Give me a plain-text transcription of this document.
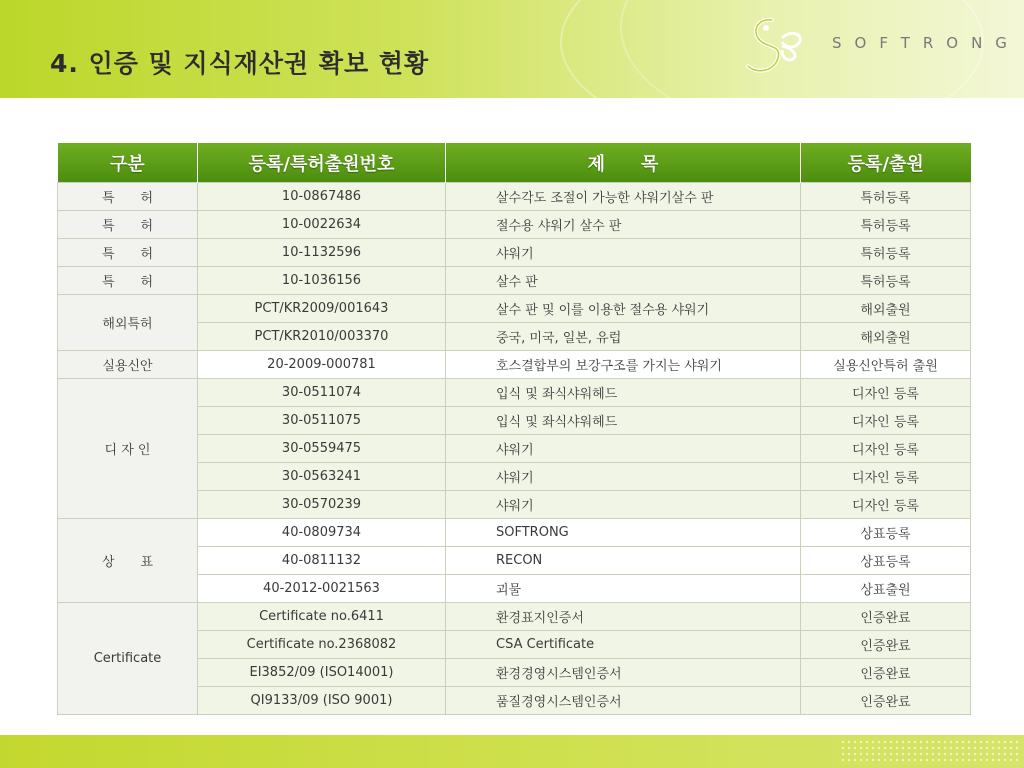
4. 인증 및 지식재산권 확보 현황
SOFTRONG
구분	등록/특허출원번호	제　　목	등록/출원
특　　허	10-0867486	살수각도 조절이 가능한 샤워기살수 판	특허등록
특　　허	10-0022634	절수용 샤워기 살수 판	특허등록
특　　허	10-1132596	샤워기	특허등록
특　　허	10-1036156	살수 판	특허등록
해외특허	PCT/KR2009/001643	살수 판 및 이를 이용한 절수용 샤워기	해외출원
	PCT/KR2010/003370	중국, 미국, 일본, 유럽	해외출원
실용신안	20-2009-000781	호스결합부의 보강구조를 가지는 샤워기	실용신안특허 출원
디 자 인	30-0511074	입식 및 좌식샤워헤드	디자인 등록
	30-0511075	입식 및 좌식샤워헤드	디자인 등록
	30-0559475	샤워기	디자인 등록
	30-0563241	샤워기	디자인 등록
	30-0570239	샤워기	디자인 등록
상　　표	40-0809734	SOFTRONG	상표등록
	40-0811132	RECON	상표등록
	40-2012-0021563	괴물	상표출원
Certificate	Certificate no.6411	환경표지인증서	인증완료
	Certificate no.2368082	CSA Certificate	인증완료
	EI3852/09 (ISO14001)	환경경영시스템인증서	인증완료
	QI9133/09 (ISO 9001)	품질경영시스템인증서	인증완료
